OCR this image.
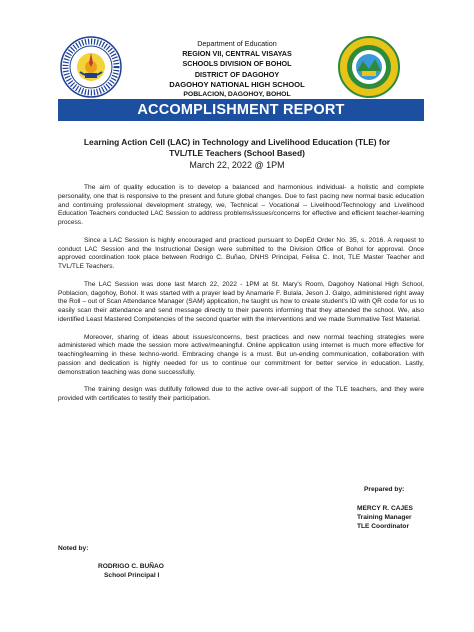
Department of Education
REGION VII, CENTRAL VISAYAS
SCHOOLS DIVISION OF BOHOL
DISTRICT OF DAGOHOY
DAGOHOY NATIONAL HIGH SCHOOL
POBLACION, DAGOHOY, BOHOL
ACCOMPLISHMENT REPORT
Learning Action Cell (LAC) in Technology and Livelihood Education (TLE) for
TVL/TLE Teachers (School Based)
March 22, 2022 @ 1PM

The aim of quality education is to develop a balanced and harmonious individual- a holistic and complete personality, one that is responsive to the present and future global changes. Due to fast pacing new normal basic education and continuing professional development strategy, we, Technical – Vocational – Livelihood/Technology and Livelihood Education Teachers conducted LAC Session to address problems/issues/concerns for effective and efficient teacher-learning process.

Since a LAC Session is highly encouraged and practiced pursuant to DepEd Order No. 35, s. 2016. A request to conduct LAC Session and the Instructional Design were submitted to the Division Office of Bohol for approval. Once approved coordination took place between Rodrigo C. Buñao, DNHS Principal, Felisa C. Inot, TLE Master Teacher and TVL/TLE Teachers.

The LAC Session was done last March 22, 2022 - 1PM at St. Mary's Room, Dagohoy National High School, Poblacion, dagohoy, Bohol. It was started with a prayer lead by Anamarie F. Bulala. Jeson J. Galgo, administered right away the Roll – out of Scan Attendance Manager (SAM) application, he taught us how to create student's ID with QR code for us to easily scan their attendance and send message directly to their parents informing that they attended the school. We, also identified Least Mastered Competencies of the second quarter with the interventions and we made Summative Test Material.

Moreover, sharing of ideas about issues/concerns, best practices and new normal teaching strategies were administered which made the session more active/meaningful. Online application using internet is much more effective for teaching/learning in these techno-world. Embracing change is a must. But un-ending communication, collaboration with passion and dedication is highly needed for us to continue our commitment for better service in education. Lastly, demonstration teaching was done successfully.

The training design was dutifully followed due to the active over-all support of the TLE teachers, and they were provided with certificates to testify their participation.

Prepared by:
MERCY R. CAJES
Training Manager
TLE Coordinator
Noted by:
RODRIGO C. BUÑAO
School Principal I
